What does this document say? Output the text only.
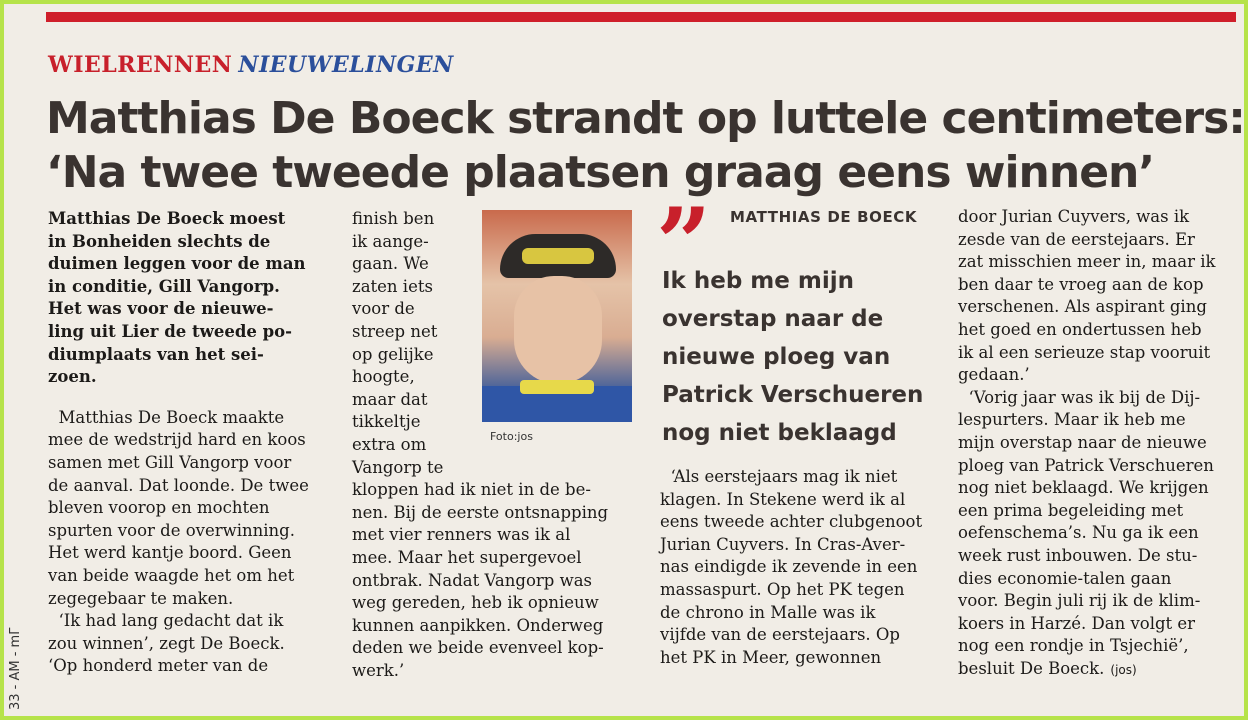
WIELRENNEN NIEUWELINGEN
Matthias De Boeck strandt op luttele centimeters:
‘Na twee tweede plaatsen graag eens winnen’

Matthias De Boeck moest

in Bonheiden slechts de

duimen leggen voor de man

in conditie, Gill Vangorp.

Het was voor de nieuwe-

ling uit Lier de tweede po-

diumplaats van het sei-

zoen.

Matthias De Boeck maakte

mee de wedstrijd hard en koos

samen met Gill Vangorp voor

de aanval. Dat loonde. De twee

bleven voorop en mochten

spurten voor de overwinning.

Het werd kantje boord. Geen

van beide waagde het om het

zegegebaar te maken.

‘Ik had lang gedacht dat ik

zou winnen’, zegt De Boeck.

‘Op honderd meter van de

finish ben

ik aange-

gaan. We

zaten iets

voor de

streep net

op gelijke

hoogte,

maar dat

tikkeltje

extra om

Vangorp te

kloppen had ik niet in de be-

nen. Bij de eerste ontsnapping

met vier renners was ik al

mee. Maar het supergevoel

ontbrak. Nadat Vangorp was

weg gereden, heb ik opnieuw

kunnen aanpikken. Onderweg

deden we beide evenveel kop-

werk.’

Foto:jos
” MATTHIAS DE BOECK
Ik heb me mijn
overstap naar de
nieuwe ploeg van
Patrick Verschueren
nog niet beklaagd

‘Als eerstejaars mag ik niet

klagen. In Stekene werd ik al

eens tweede achter clubgenoot

Jurian Cuyvers. In Cras-Aver-

nas eindigde ik zevende in een

massaspurt. Op het PK tegen

de chrono in Malle was ik

vijfde van de eerstejaars. Op

het PK in Meer, gewonnen

door Jurian Cuyvers, was ik

zesde van de eerstejaars. Er

zat misschien meer in, maar ik

ben daar te vroeg aan de kop

verschenen. Als aspirant ging

het goed en ondertussen heb

ik al een serieuze stap vooruit

gedaan.’

‘Vorig jaar was ik bij de Dij-

lespurters. Maar ik heb me

mijn overstap naar de nieuwe

ploeg van Patrick Verschueren

nog niet beklaagd. We krijgen

een prima begeleiding met

oefenschema’s. Nu ga ik een

week rust inbouwen. De stu-

dies economie-talen gaan

voor. Begin juli rij ik de klim-

koers in Harzé. Dan volgt er

nog een rondje in Tsjechië’,

besluit De Boeck. (jos)

33 - AM - mΓ
